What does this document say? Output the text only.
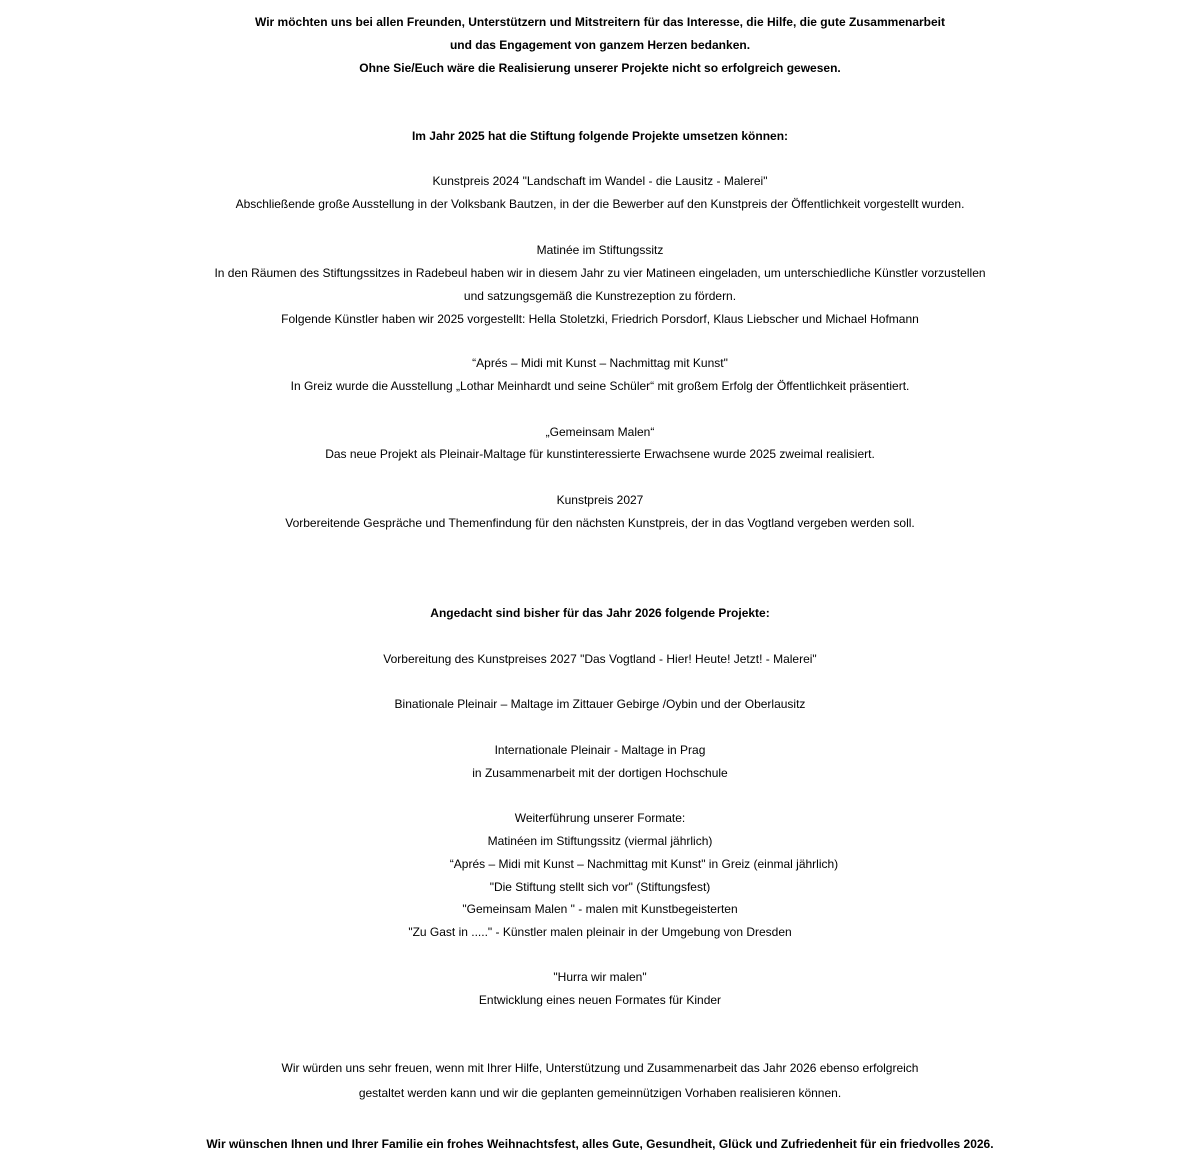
Wir möchten uns bei allen Freunden, Unterstützern und Mitstreitern für das Interesse, die Hilfe, die gute Zusammenarbeit
und das Engagement von ganzem Herzen bedanken.
Ohne Sie/Euch wäre die Realisierung unserer Projekte nicht so erfolgreich gewesen.
Im Jahr 2025 hat die Stiftung folgende Projekte umsetzen können:
Kunstpreis 2024 "Landschaft im Wandel - die Lausitz - Malerei"
Abschließende große Ausstellung in der Volksbank Bautzen, in der die Bewerber auf den Kunstpreis der Öffentlichkeit vorgestellt wurden.
Matinée im Stiftungssitz
In den Räumen des Stiftungssitzes in Radebeul haben wir in diesem Jahr zu vier Matineen eingeladen, um unterschiedliche Künstler vorzustellen
und satzungsgemäß die Kunstrezeption zu fördern.
Folgende Künstler haben wir 2025 vorgestellt: Hella Stoletzki, Friedrich Porsdorf, Klaus Liebscher und Michael Hofmann
“Aprés – Midi mit Kunst – Nachmittag mit Kunst"
In Greiz wurde die Ausstellung „Lothar Meinhardt und seine Schüler“ mit großem Erfolg der Öffentlichkeit präsentiert.
„Gemeinsam Malen“
Das neue Projekt als Pleinair-Maltage für kunstinteressierte Erwachsene wurde 2025 zweimal realisiert.
Kunstpreis 2027
Vorbereitende Gespräche und Themenfindung für den nächsten Kunstpreis, der in das Vogtland vergeben werden soll.
Angedacht sind bisher für das Jahr 2026 folgende Projekte:
Vorbereitung des Kunstpreises 2027 "Das Vogtland - Hier! Heute! Jetzt! - Malerei"
Binationale Pleinair – Maltage im Zittauer Gebirge /Oybin und der Oberlausitz
Internationale Pleinair - Maltage in Prag
in Zusammenarbeit mit der dortigen Hochschule
Weiterführung unserer Formate:
Matinéen im Stiftungssitz (viermal jährlich)
“Aprés – Midi mit Kunst – Nachmittag mit Kunst" in Greiz (einmal jährlich)
"Die Stiftung stellt sich vor" (Stiftungsfest)
"Gemeinsam Malen " - malen mit Kunstbegeisterten
"Zu Gast in ....." - Künstler malen pleinair in der Umgebung von Dresden
"Hurra wir malen"
Entwicklung eines neuen Formates für Kinder
Wir würden uns sehr freuen, wenn mit Ihrer Hilfe, Unterstützung und Zusammenarbeit das Jahr 2026 ebenso erfolgreich
gestaltet werden kann und wir die geplanten gemeinnützigen Vorhaben realisieren können.
Wir wünschen Ihnen und Ihrer Familie ein frohes Weihnachtsfest, alles Gute, Gesundheit, Glück und Zufriedenheit für ein friedvolles 2026.
